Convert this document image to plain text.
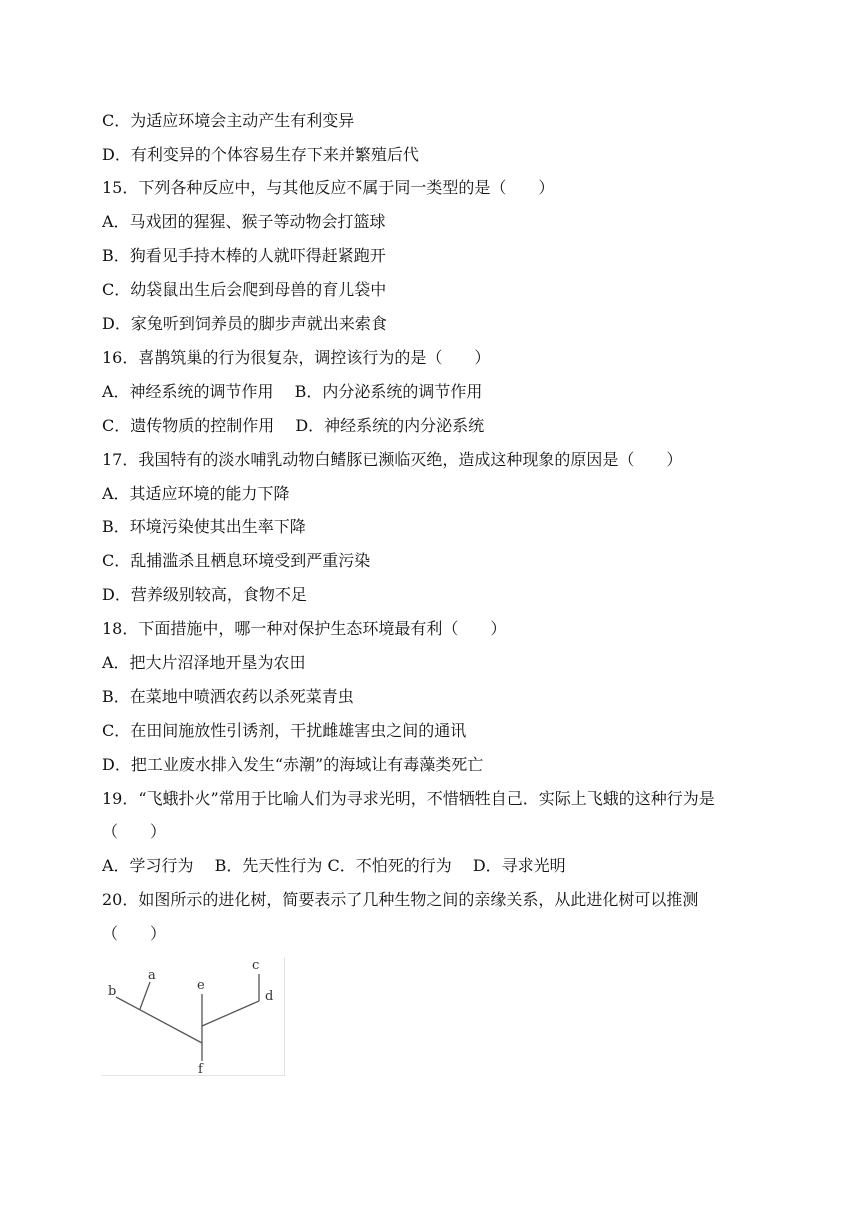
C．为适应环境会主动产生有利变异
D．有利变异的个体容易生存下来并繁殖后代
15．下列各种反应中，与其他反应不属于同一类型的是（　　）
A．马戏团的猩猩、猴子等动物会打篮球
B．狗看见手持木棒的人就吓得赶紧跑开
C．幼袋鼠出生后会爬到母兽的育儿袋中
D．家兔听到饲养员的脚步声就出来索食
16．喜鹊筑巢的行为很复杂，调控该行为的是（　　）
A．神经系统的调节作用　 B．内分泌系统的调节作用
C．遗传物质的控制作用　 D．神经系统的内分泌系统
17．我国特有的淡水哺乳动物白鳍豚已濒临灭绝，造成这种现象的原因是（　　）
A．其适应环境的能力下降
B．环境污染使其出生率下降
C．乱捕滥杀且栖息环境受到严重污染
D．营养级别较高，食物不足
18．下面措施中，哪一种对保护生态环境最有利（　　）
A．把大片沼泽地开垦为农田
B．在菜地中喷洒农药以杀死菜青虫
C．在田间施放性引诱剂，干扰雌雄害虫之间的通讯
D．把工业废水排入发生“赤潮”的海域让有毒藻类死亡
19．“飞蛾扑火”常用于比喻人们为寻求光明，不惜牺牲自己．实际上飞蛾的这种行为是
（　　）
A．学习行为　 B．先天性行为 C．不怕死的行为　 D．寻求光明
20．如图所示的进化树，简要表示了几种生物之间的亲缘关系，从此进化树可以推测
（　　）
b
a
e
c
d
f
